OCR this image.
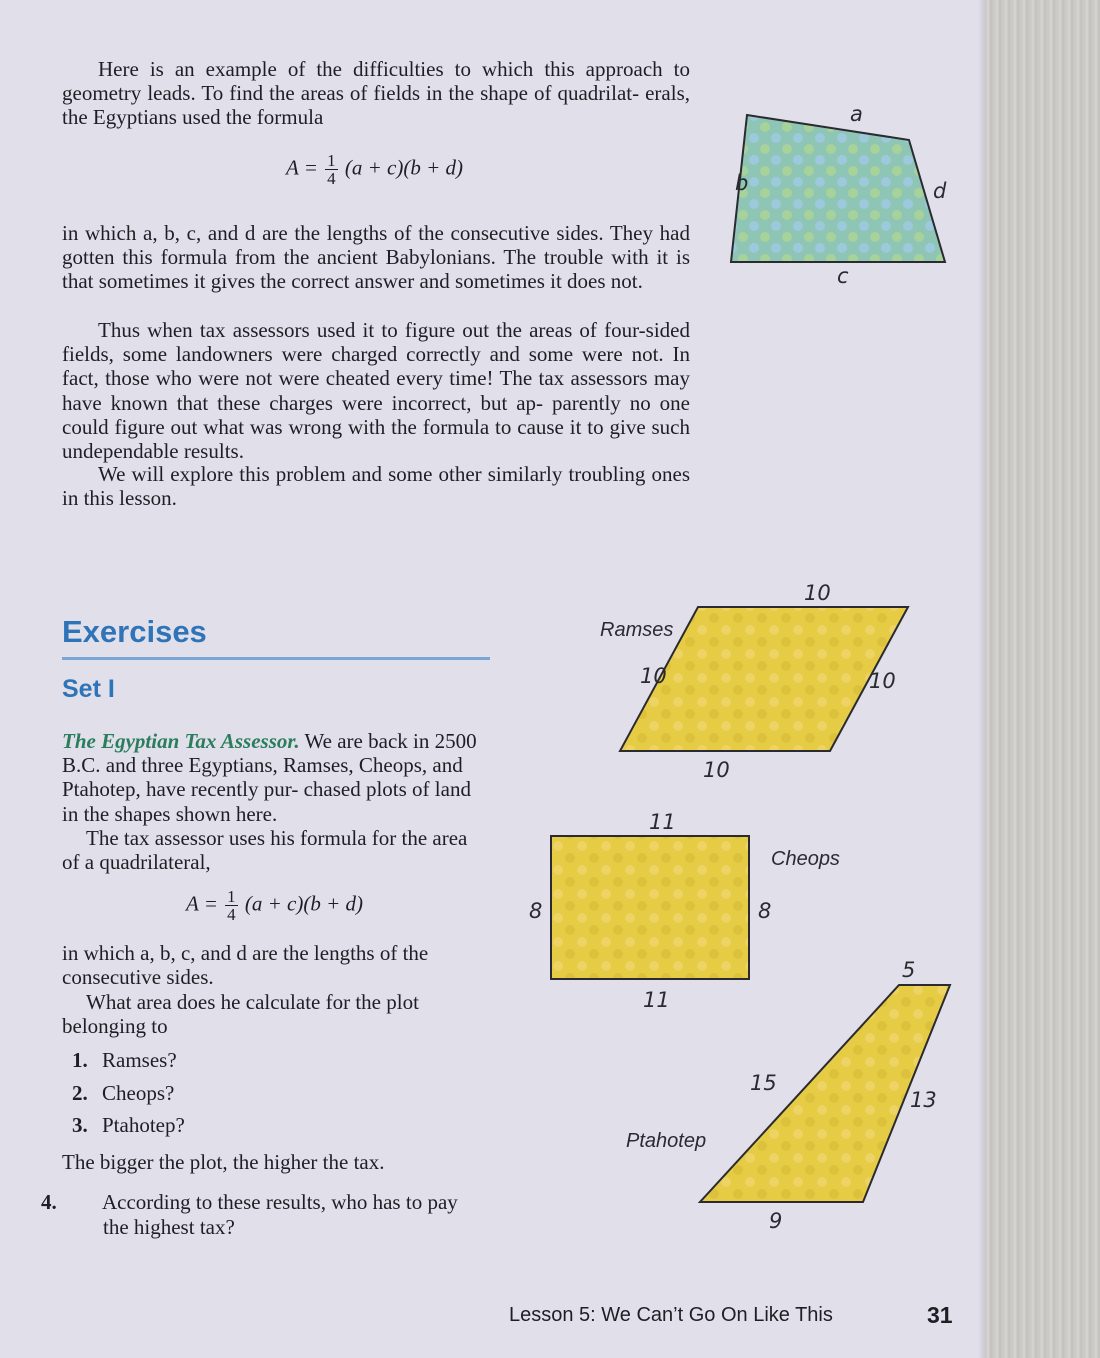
Here is an example of the difficulties to which this approach to geometry leads. To find the areas of fields in the shape of quadrilat- erals, the Egyptians used the formula

$A = \frac{1}{4} (a + c)(b + d)$

in which a, b, c, and d are the lengths of the consecutive sides. They had gotten this formula from the ancient Babylonians. The trouble with it is that sometimes it gives the correct answer and sometimes it does not.

Thus when tax assessors used it to figure out the areas of four-sided fields, some landowners were charged correctly and some were not. In fact, those who were not were cheated every time! The tax assessors may have known that these charges were incorrect, but ap- parently no one could figure out what was wrong with the formula to cause it to give such undependable results.

We will explore this problem and some other similarly troubling ones in this lesson.

Exercises
Set I

The Egyptian Tax Assessor. We are back in 2500 B.C. and three Egyptians, Ramses, Cheops, and Ptahotep, have recently pur- chased plots of land in the shapes shown here.

The tax assessor uses his formula for the area of a quadrilateral,

$A = \frac{1}{4} (a + c)(b + d)$

in which a, b, c, and d are the lengths of the consecutive sides.

What area does he calculate for the plot belonging to

1. Ramses?
2. Cheops?
3. Ptahotep?

The bigger the plot, the higher the tax.

4. According to these results, who has to pay the highest tax?
a
b	d
c
Ramses
10
10	10
10
Cheops
11
8	8
11
Ptahotep
5
15
13
9

Lesson 5: We Can’t Go On Like This	31
